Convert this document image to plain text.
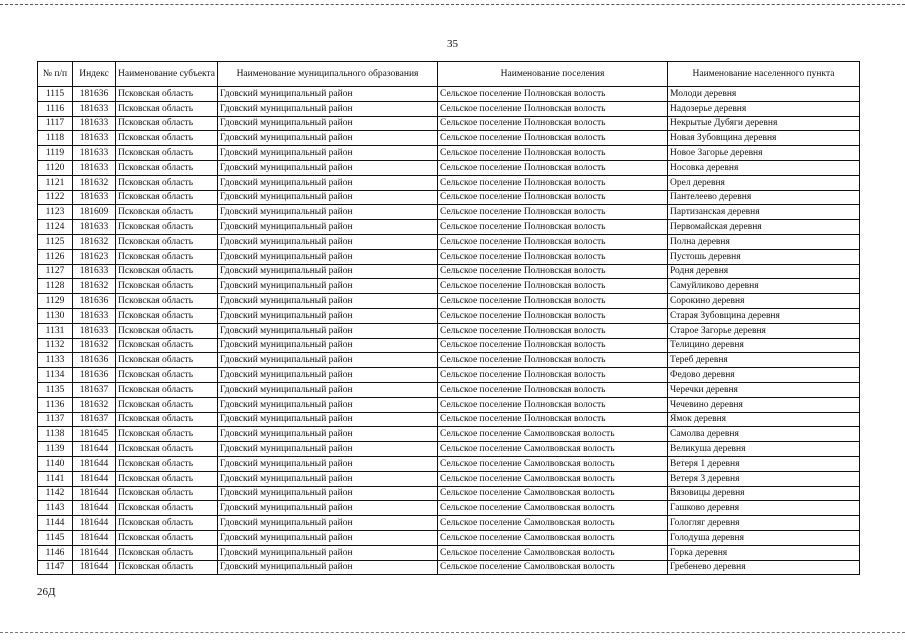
35
№ п/п	Индекс	Наименование субъекта	Наименование муниципального образования	Наименование поселения	Наименование населенного пункта
1115	181636	Псковская область	Гдовский муниципальный район	Сельское поселение Полновская волость	Молоди деревня
1116	181633	Псковская область	Гдовский муниципальный район	Сельское поселение Полновская волость	Надозерье деревня
1117	181633	Псковская область	Гдовский муниципальный район	Сельское поселение Полновская волость	Некрытые Дубяги деревня
1118	181633	Псковская область	Гдовский муниципальный район	Сельское поселение Полновская волость	Новая Зубовщина деревня
1119	181633	Псковская область	Гдовский муниципальный район	Сельское поселение Полновская волость	Новое Загорье деревня
1120	181633	Псковская область	Гдовский муниципальный район	Сельское поселение Полновская волость	Носовка деревня
1121	181632	Псковская область	Гдовский муниципальный район	Сельское поселение Полновская волость	Орел деревня
1122	181633	Псковская область	Гдовский муниципальный район	Сельское поселение Полновская волость	Пантелеево деревня
1123	181609	Псковская область	Гдовский муниципальный район	Сельское поселение Полновская волость	Партизанская деревня
1124	181633	Псковская область	Гдовский муниципальный район	Сельское поселение Полновская волость	Первомайская деревня
1125	181632	Псковская область	Гдовский муниципальный район	Сельское поселение Полновская волость	Полна деревня
1126	181623	Псковская область	Гдовский муниципальный район	Сельское поселение Полновская волость	Пустошь деревня
1127	181633	Псковская область	Гдовский муниципальный район	Сельское поселение Полновская волость	Родня деревня
1128	181632	Псковская область	Гдовский муниципальный район	Сельское поселение Полновская волость	Самуйликово деревня
1129	181636	Псковская область	Гдовский муниципальный район	Сельское поселение Полновская волость	Сорокино деревня
1130	181633	Псковская область	Гдовский муниципальный район	Сельское поселение Полновская волость	Старая Зубовщина деревня
1131	181633	Псковская область	Гдовский муниципальный район	Сельское поселение Полновская волость	Старое Загорье деревня
1132	181632	Псковская область	Гдовский муниципальный район	Сельское поселение Полновская волость	Телицино деревня
1133	181636	Псковская область	Гдовский муниципальный район	Сельское поселение Полновская волость	Тереб деревня
1134	181636	Псковская область	Гдовский муниципальный район	Сельское поселение Полновская волость	Федово деревня
1135	181637	Псковская область	Гдовский муниципальный район	Сельское поселение Полновская волость	Черечки деревня
1136	181632	Псковская область	Гдовский муниципальный район	Сельское поселение Полновская волость	Чечевино деревня
1137	181637	Псковская область	Гдовский муниципальный район	Сельское поселение Полновская волость	Ямок деревня
1138	181645	Псковская область	Гдовский муниципальный район	Сельское поселение Самолвовская волость	Самолва деревня
1139	181644	Псковская область	Гдовский муниципальный район	Сельское поселение Самолвовская волость	Великуша деревня
1140	181644	Псковская область	Гдовский муниципальный район	Сельское поселение Самолвовская волость	Ветеря 1 деревня
1141	181644	Псковская область	Гдовский муниципальный район	Сельское поселение Самолвовская волость	Ветеря 3 деревня
1142	181644	Псковская область	Гдовский муниципальный район	Сельское поселение Самолвовская волость	Вязовицы деревня
1143	181644	Псковская область	Гдовский муниципальный район	Сельское поселение Самолвовская волость	Гашково деревня
1144	181644	Псковская область	Гдовский муниципальный район	Сельское поселение Самолвовская волость	Гологляг деревня
1145	181644	Псковская область	Гдовский муниципальный район	Сельское поселение Самолвовская волость	Голодуша деревня
1146	181644	Псковская область	Гдовский муниципальный район	Сельское поселение Самолвовская волость	Горка деревня
1147	181644	Псковская область	Гдовский муниципальный район	Сельское поселение Самолвовская волость	Гребенево деревня
26Д
